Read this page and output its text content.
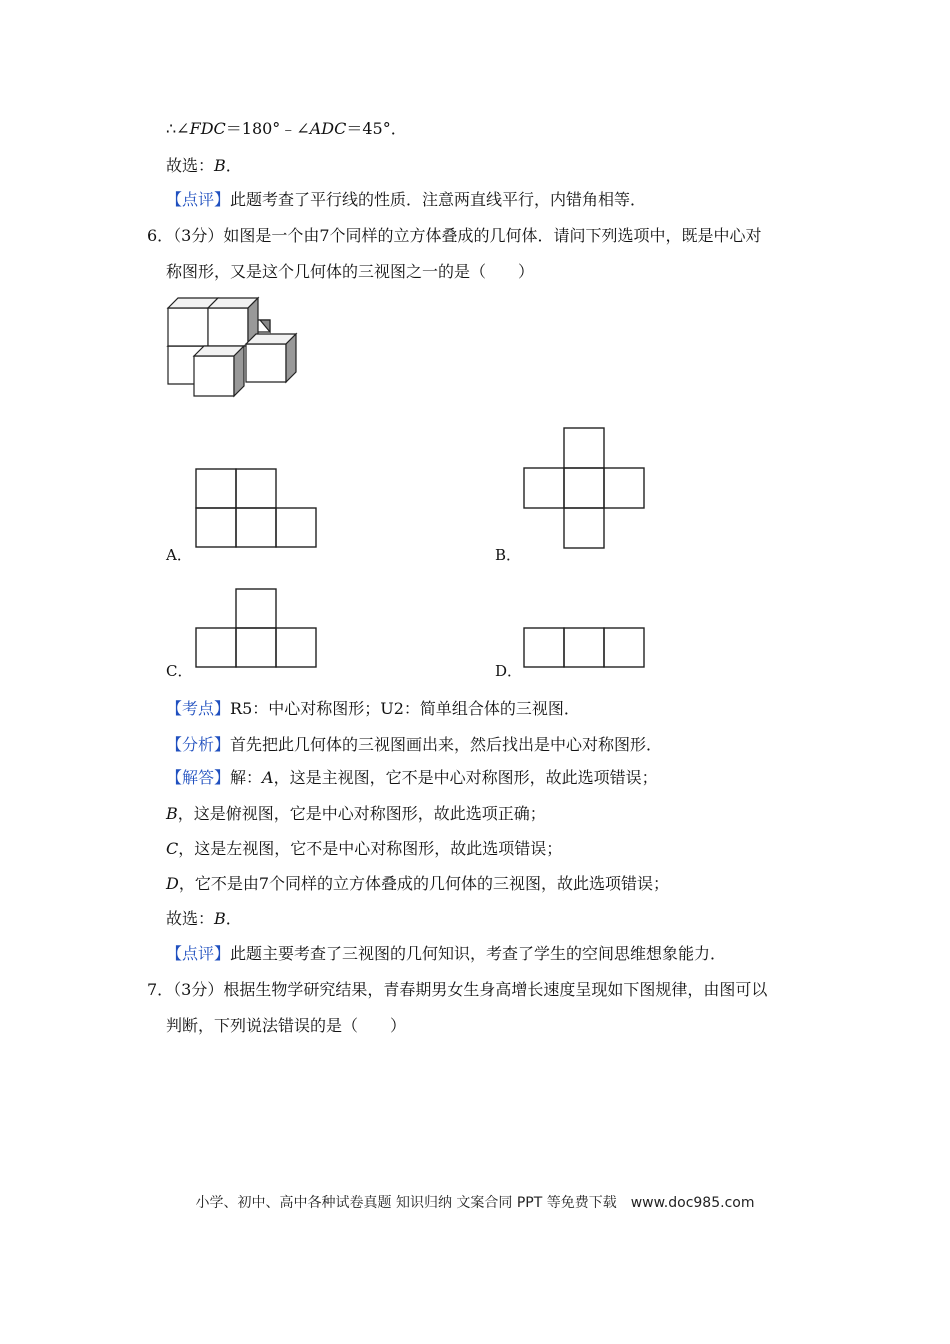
∴∠FDC＝180°﹣∠ADC＝45°．
故选：B．
【点评】此题考查了平行线的性质．注意两直线平行，内错角相等．
6．（3分）如图是一个由7个同样的立方体叠成的几何体．请问下列选项中，既是中心对
称图形，又是这个几何体的三视图之一的是（　　）
A．	B．
C．	D．
【考点】R5：中心对称图形；U2：简单组合体的三视图．
【分析】首先把此几何体的三视图画出来，然后找出是中心对称图形．
【解答】解：A，这是主视图，它不是中心对称图形，故此选项错误；
B，这是俯视图，它是中心对称图形，故此选项正确；
C，这是左视图，它不是中心对称图形，故此选项错误；
D，它不是由7个同样的立方体叠成的几何体的三视图，故此选项错误；
故选：B．
【点评】此题主要考查了三视图的几何知识，考查了学生的空间思维想象能力．
7．（3分）根据生物学研究结果，青春期男女生身高增长速度呈现如下图规律，由图可以
判断，下列说法错误的是（　　）
小学、初中、高中各种试卷真题 知识归纳 文案合同 PPT 等免费下载　www.doc985.com
